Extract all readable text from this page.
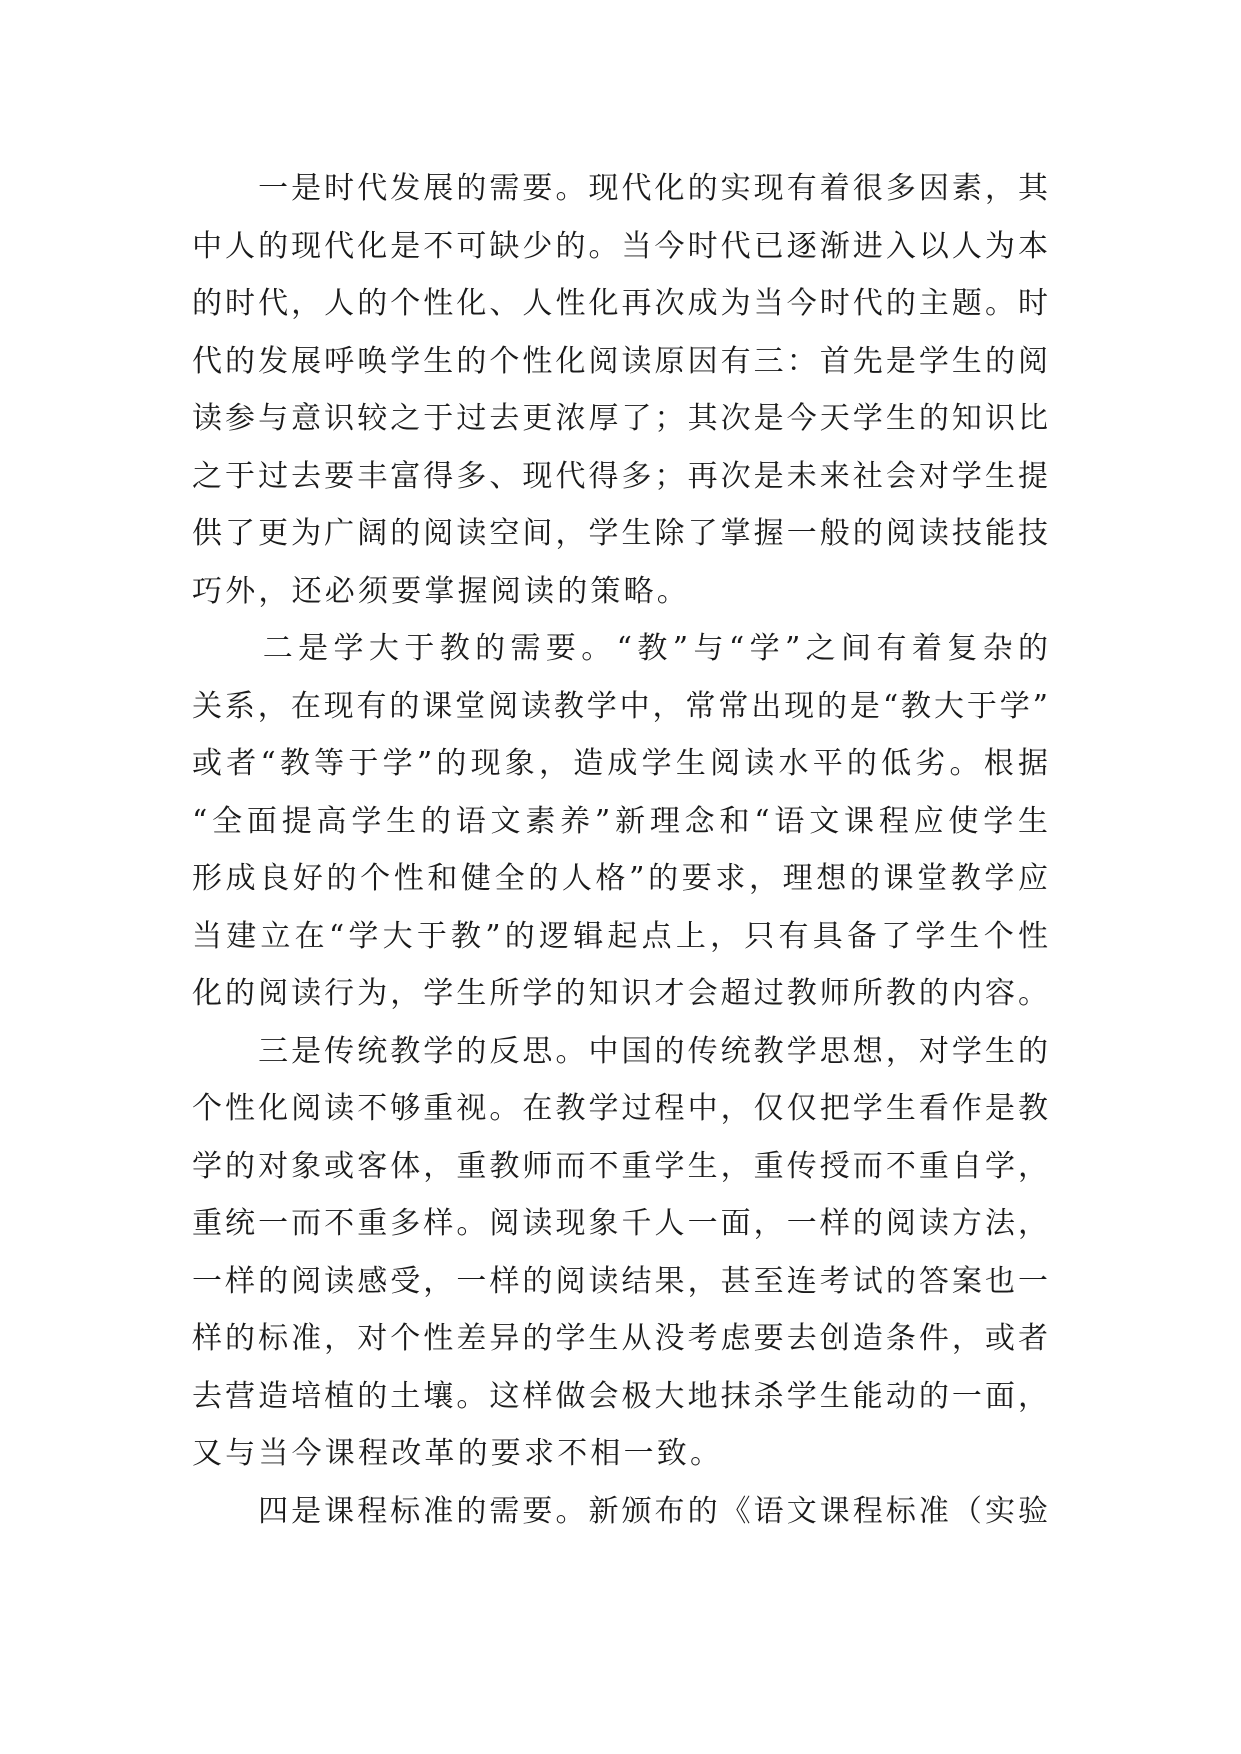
　　一是时代发展的需要。现代化的实现有着很多因素，其
中人的现代化是不可缺少的。当今时代已逐渐进入以人为本
的时代，人的个性化、人性化再次成为当今时代的主题。时
代的发展呼唤学生的个性化阅读原因有三：首先是学生的阅
读参与意识较之于过去更浓厚了；其次是今天学生的知识比
之于过去要丰富得多、现代得多；再次是未来社会对学生提
供了更为广阔的阅读空间，学生除了掌握一般的阅读技能技
巧外，还必须要掌握阅读的策略。
　　二是学大于教的需要。“教”与“学”之间有着复杂的
关系，在现有的课堂阅读教学中，常常出现的是“教大于学”
或者“教等于学”的现象，造成学生阅读水平的低劣。根据
“全面提高学生的语文素养”新理念和“语文课程应使学生
形成良好的个性和健全的人格”的要求，理想的课堂教学应
当建立在“学大于教”的逻辑起点上，只有具备了学生个性
化的阅读行为，学生所学的知识才会超过教师所教的内容。
　　三是传统教学的反思。中国的传统教学思想，对学生的
个性化阅读不够重视。在教学过程中，仅仅把学生看作是教
学的对象或客体，重教师而不重学生，重传授而不重自学，
重统一而不重多样。阅读现象千人一面，一样的阅读方法，
一样的阅读感受，一样的阅读结果，甚至连考试的答案也一
样的标准，对个性差异的学生从没考虑要去创造条件，或者
去营造培植的土壤。这样做会极大地抹杀学生能动的一面，
又与当今课程改革的要求不相一致。
　　四是课程标准的需要。新颁布的《语文课程标准（实验
